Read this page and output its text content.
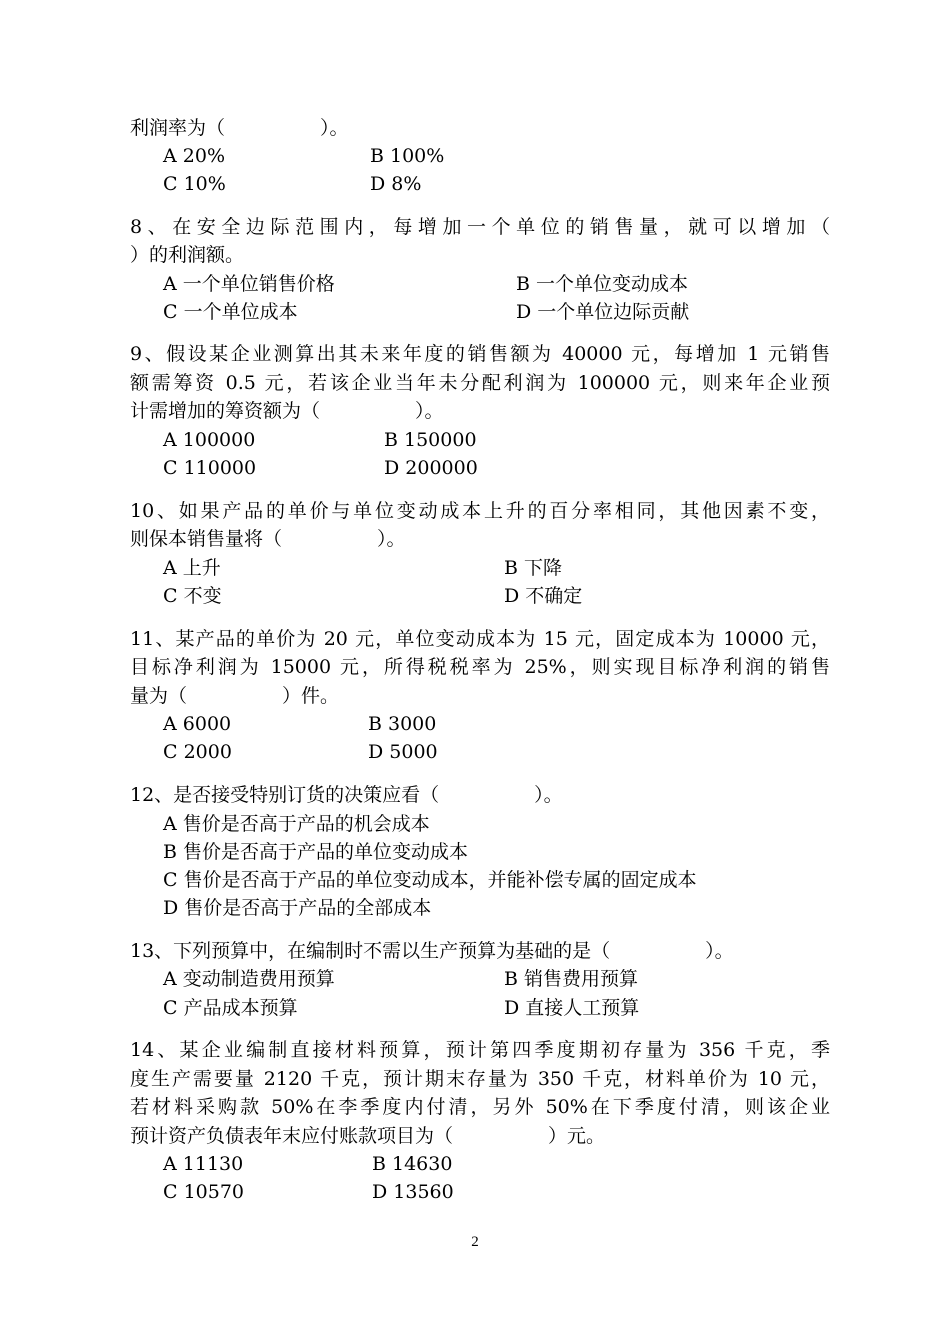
利润率为（　　　　　）。
A 20%	B 100%
C 10%	D 8%
8、在安全边际范围内，每增加一个单位的销售量，就可以增加（
）的利润额。
A 一个单位销售价格	B 一个单位变动成本
C 一个单位成本	D 一个单位边际贡献
9、假设某企业测算出其未来年度的销售额为 40000 元，每增加 1 元销售
额需筹资 0.5 元，若该企业当年未分配利润为 100000 元，则来年企业预
计需增加的筹资额为（　　　　　）。
A 100000	B 150000
C 110000	D 200000
10、如果产品的单价与单位变动成本上升的百分率相同，其他因素不变，
则保本销售量将（　　　　　）。
A 上升	B 下降
C 不变	D 不确定
11、某产品的单价为 20 元，单位变动成本为 15 元，固定成本为 10000 元，
目标净利润为 15000 元，所得税税率为 25%，则实现目标净利润的销售
量为（　　　　　）件。
A 6000	B 3000
C 2000	D 5000
12、是否接受特别订货的决策应看（　　　　　）。
A 售价是否高于产品的机会成本
B 售价是否高于产品的单位变动成本
C 售价是否高于产品的单位变动成本，并能补偿专属的固定成本
D 售价是否高于产品的全部成本
13、下列预算中，在编制时不需以生产预算为基础的是（　　　　　）。
A 变动制造费用预算	B 销售费用预算
C 产品成本预算	D 直接人工预算
14、某企业编制直接材料预算，预计第四季度期初存量为 356 千克，季
度生产需要量 2120 千克，预计期末存量为 350 千克，材料单价为 10 元，
若材料采购款 50%在李季度内付清，另外 50%在下季度付清，则该企业
预计资产负债表年末应付账款项目为（　　　　　）元。
A 11130	B 14630
C 10570	D 13560
2
